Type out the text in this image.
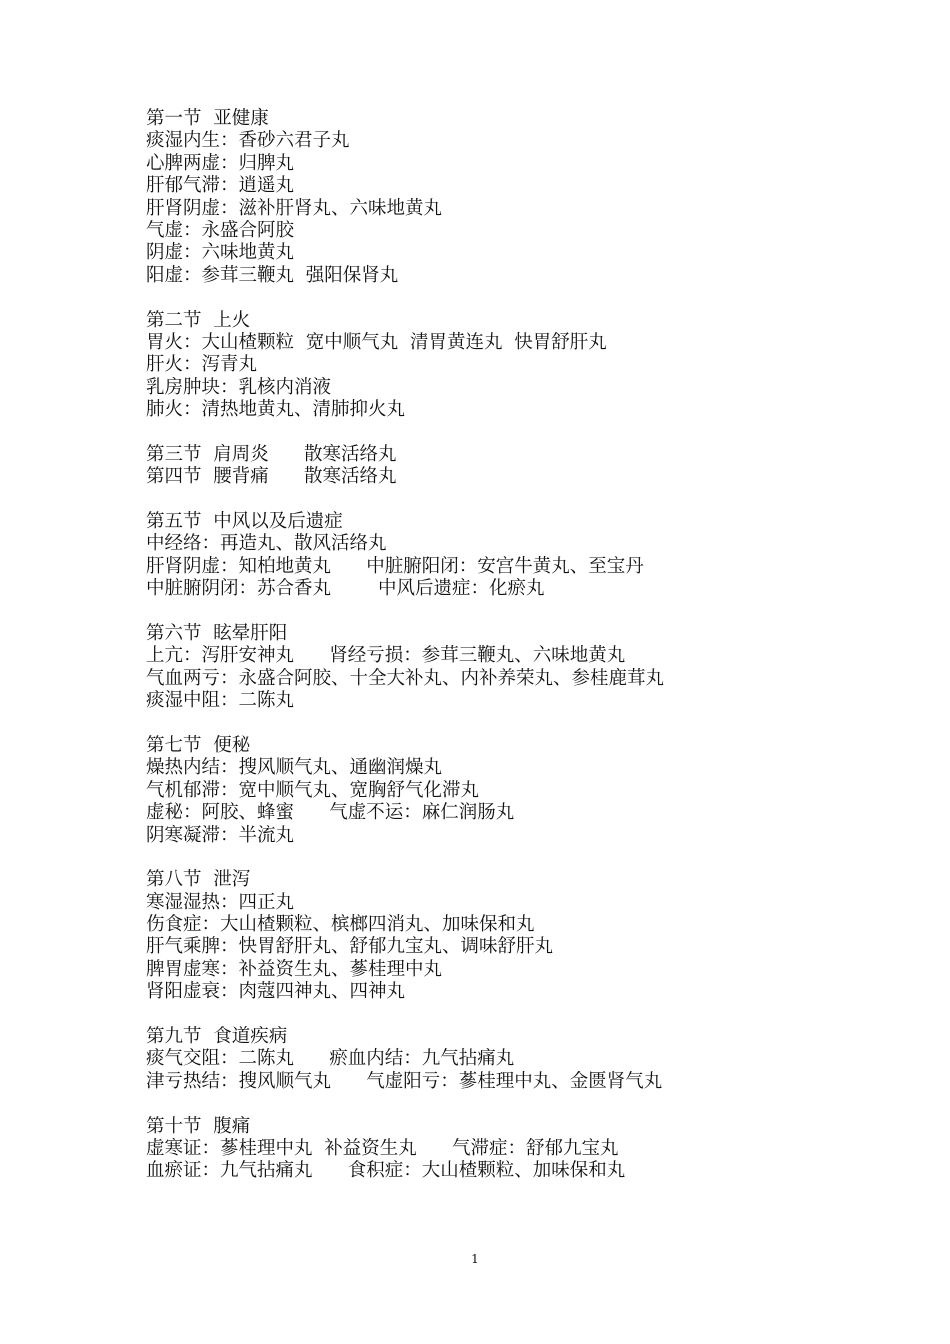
第一节  亚健康
痰湿内生：香砂六君子丸
心脾两虚：归脾丸
肝郁气滞：逍遥丸
肝肾阴虚：滋补肝肾丸、六味地黄丸
气虚：永盛合阿胶
阴虚：六味地黄丸
阳虚：参茸三鞭丸  强阳保肾丸
第二节  上火
胃火：大山楂颗粒  宽中顺气丸  清胃黄连丸  快胃舒肝丸
肝火：泻青丸
乳房肿块：乳核内消液
肺火：清热地黄丸、清肺抑火丸
第三节  肩周炎      散寒活络丸
第四节  腰背痛      散寒活络丸
第五节  中风以及后遗症
中经络：再造丸、散风活络丸
肝肾阴虚：知柏地黄丸      中脏腑阳闭：安宫牛黄丸、至宝丹
中脏腑阴闭：苏合香丸        中风后遗症：化瘀丸
第六节  眩晕肝阳
上亢：泻肝安神丸      肾经亏损：参茸三鞭丸、六味地黄丸
气血两亏：永盛合阿胶、十全大补丸、内补养荣丸、参桂鹿茸丸
痰湿中阻：二陈丸
第七节  便秘
燥热内结：搜风顺气丸、通幽润燥丸
气机郁滞：宽中顺气丸、宽胸舒气化滞丸
虚秘：阿胶、蜂蜜      气虚不运：麻仁润肠丸
阴寒凝滞：半流丸
第八节  泄泻
寒湿湿热：四正丸
伤食症：大山楂颗粒、槟榔四消丸、加味保和丸
肝气乘脾：快胃舒肝丸、舒郁九宝丸、调味舒肝丸
脾胃虚寒：补益资生丸、蔘桂理中丸
肾阳虚衰：肉蔻四神丸、四神丸
第九节  食道疾病
痰气交阻：二陈丸      瘀血内结：九气拈痛丸
津亏热结：搜风顺气丸      气虚阳亏：蔘桂理中丸、金匮肾气丸
第十节  腹痛
虚寒证：蔘桂理中丸  补益资生丸      气滞症：舒郁九宝丸
血瘀证：九气拈痛丸      食积症：大山楂颗粒、加味保和丸
1
